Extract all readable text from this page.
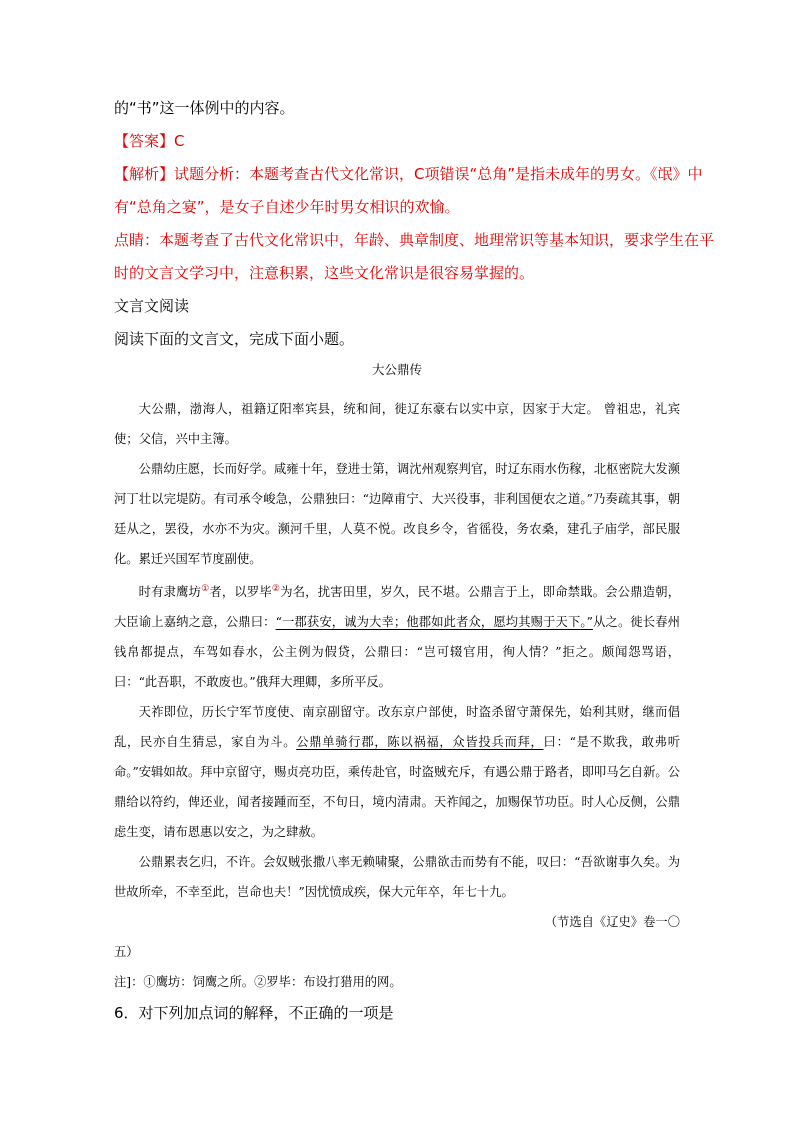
的“书”这一体例中的内容。
【答案】C
【解析】试题分析：本题考查古代文化常识，C项错误“总角”是指未成年的男女。《氓》中
有“总角之宴”，是女子自述少年时男女相识的欢愉。
点睛：本题考查了古代文化常识中，年龄、典章制度、地理常识等基本知识，要求学生在平
时的文言文学习中，注意积累，这些文化常识是很容易掌握的。
文言文阅读
阅读下面的文言文，完成下面小题。
大公鼎传

大公鼎，渤海人，祖籍辽阳率宾县，统和间，徙辽东豪右以实中京，因家于大定。 曾祖忠，礼宾使；父信，兴中主簿。

公鼎幼庄愿，长而好学。咸雍十年，登进士第，调沈州观察判官，时辽东雨水伤稼，北枢密院大发濒河丁壮以完堤防。有司承令峻急，公鼎独曰：“边障甫宁、大兴役事，非利国便农之道。”乃奏疏其事，朝廷从之，罢役，水亦不为灾。濒河千里，人莫不悦。改良乡令，省徭役，务农桑，建孔子庙学，部民服化。累迁兴国军节度副使。

时有隶鹰坊①者，以罗毕②为名，扰害田里，岁久，民不堪。公鼎言于上，即命禁戢。会公鼎造朝，大臣谕上嘉纳之意，公鼎曰：“一郡获安，诚为大幸；他郡如此者众，愿均其赐于天下。”从之。徙长春州钱帛都提点，车驾如春水，公主例为假贷，公鼎曰：“岂可辍官用，徇人情？”拒之。颇闻怨骂语，曰：“此吾职，不敢废也。”俄拜大理卿，多所平反。

天祚即位，历长宁军节度使、南京副留守。改东京户部使，时盗杀留守萧保先，始利其财，继而倡乱，民亦自生猜忌，家自为斗。公鼎单骑行郡，陈以祸福，众皆投兵而拜，曰：“是不欺我，敢弗听命。”安辑如故。拜中京留守，赐贞亮功臣，乘传赴官，时盗贼充斥，有遇公鼎于路者，即叩马乞自新。公鼎给以符约，俾还业，闻者接踵而至，不旬日，境内清肃。天祚闻之，加赐保节功臣。时人心反侧，公鼎虑生变，请布恩惠以安之，为之肆赦。

公鼎累表乞归，不许。会奴贼张撒八率无赖啸聚，公鼎欲击而势有不能，叹曰：“吾欲谢事久矣。为世故所牵，不幸至此，岂命也夫！”因忧愤成疾，保大元年卒，年七十九。

（节选自《辽史》卷一〇

五）

注]：①鹰坊：饲鹰之所。②罗毕：布设打猎用的网。

6．对下列加点词的解释，不正确的一项是
